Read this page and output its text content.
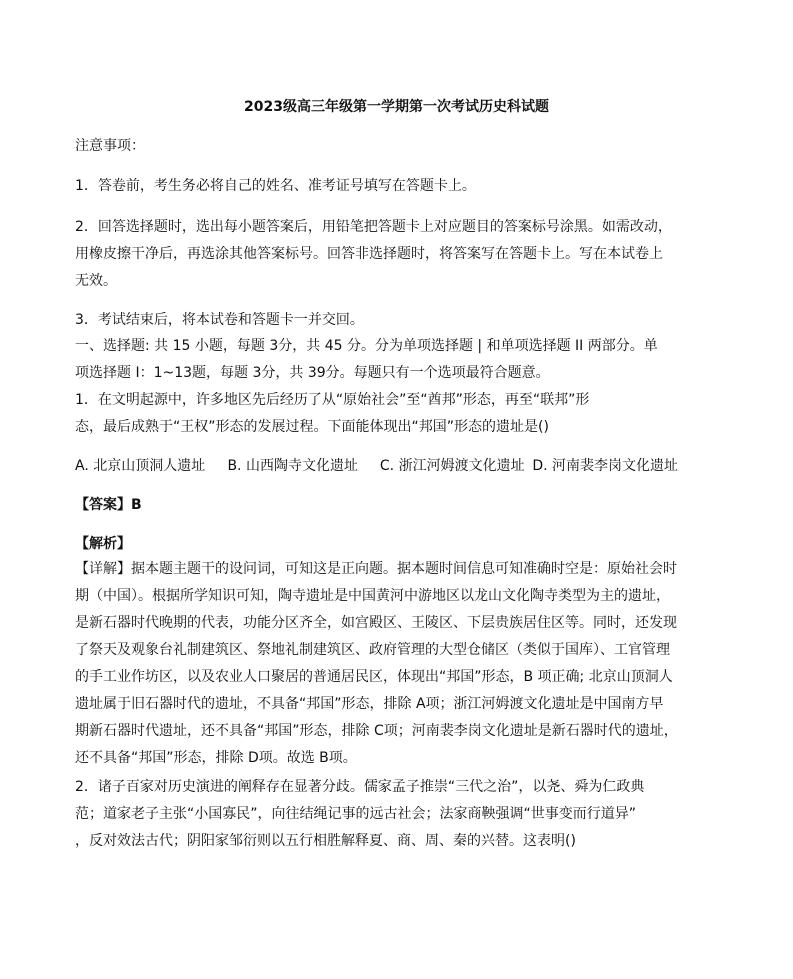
2023级高三年级第一学期第一次考试历史科试题
注意事项：
1．答卷前，考生务必将自己的姓名、准考证号填写在答题卡上。
2．回答选择题时，选出每小题答案后，用铅笔把答题卡上对应题目的答案标号涂黑。如需改动，
用橡皮擦干净后，再选涂其他答案标号。回答非选择题时，将答案写在答题卡上。写在本试卷上
无效。
3．考试结束后，将本试卷和答题卡一并交回。
一、选择题: 共 15 小题，每题 3分，共 45 分。分为单项选择题 | 和单项选择题 II 两部分。单
项选择题 I：1~13题，每题 3分，共 39分。每题只有一个选项最符合题意。
1．在文明起源中，许多地区先后经历了从“原始社会”至“酋邦”形态，再至“联邦”形
态，最后成熟于“王权”形态的发展过程。下面能体现出“邦国”形态的遗址是()
A. 北京山顶洞人遗址 B. 山西陶寺文化遗址 C. 浙江河姆渡文化遗址 D. 河南裴李岗文化遗址
【答案】B
【解析】
【详解】据本题主题干的设问词，可知这是正向题。据本题时间信息可知准确时空是：原始社会时
期（中国）。根据所学知识可知，陶寺遗址是中国黄河中游地区以龙山文化陶寺类型为主的遗址，
是新石器时代晚期的代表，功能分区齐全，如宫殿区、王陵区、下层贵族居住区等。同时，还发现
了祭天及观象台礼制建筑区、祭地礼制建筑区、政府管理的大型仓储区（类似于国库）、工官管理
的手工业作坊区，以及农业人口聚居的普通居民区，体现出“邦国”形态，B 项正确; 北京山顶洞人
遗址属于旧石器时代的遗址，不具备“邦国”形态，排除 A项；浙江河姆渡文化遗址是中国南方早
期新石器时代遗址，还不具备“邦国”形态，排除 C项；河南裴李岗文化遗址是新石器时代的遗址，
还不具备“邦国”形态，排除 D项。故选 B项。
2．诸子百家对历史演进的阐释存在显著分歧。儒家孟子推崇“三代之治”，以尧、舜为仁政典
范；道家老子主张“小国寡民”，向往结绳记事的远古社会；法家商鞅强调“世事变而行道异”
，反对效法古代；阴阳家邹衍则以五行相胜解释夏、商、周、秦的兴替。这表明()
